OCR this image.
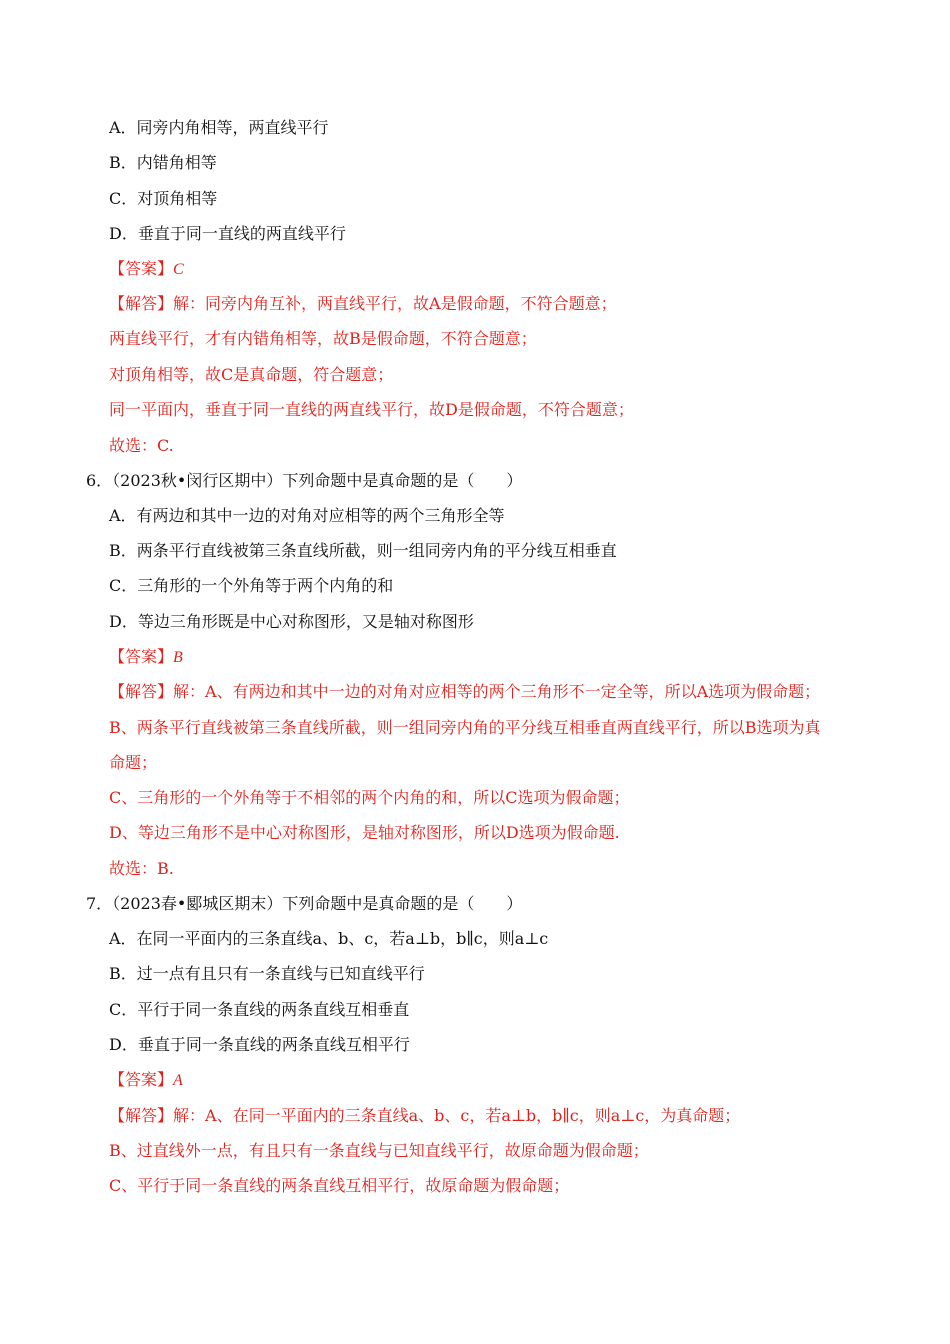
A．同旁内角相等，两直线平行
B．内错角相等
C．对顶角相等
D．垂直于同一直线的两直线平行
【答案】C
【解答】解：同旁内角互补，两直线平行，故A是假命题，不符合题意；
两直线平行，才有内错角相等，故B是假命题，不符合题意；
对顶角相等，故C是真命题，符合题意；
同一平面内，垂直于同一直线的两直线平行，故D是假命题，不符合题意；
故选：C.
6．（2023秋•闵行区期中）下列命题中是真命题的是（　　）
A．有两边和其中一边的对角对应相等的两个三角形全等
B．两条平行直线被第三条直线所截，则一组同旁内角的平分线互相垂直
C．三角形的一个外角等于两个内角的和
D．等边三角形既是中心对称图形，又是轴对称图形
【答案】B
【解答】解：A、有两边和其中一边的对角对应相等的两个三角形不一定全等，所以A选项为假命题；
B、两条平行直线被第三条直线所截，则一组同旁内角的平分线互相垂直两直线平行，所以B选项为真
命题；
C、三角形的一个外角等于不相邻的两个内角的和，所以C选项为假命题；
D、等边三角形不是中心对称图形，是轴对称图形，所以D选项为假命题.
故选：B.
7．（2023春•郾城区期末）下列命题中是真命题的是（　　）
A．在同一平面内的三条直线a、b、c，若a⊥b，b∥c，则a⊥c
B．过一点有且只有一条直线与已知直线平行
C．平行于同一条直线的两条直线互相垂直
D．垂直于同一条直线的两条直线互相平行
【答案】A
【解答】解：A、在同一平面内的三条直线a、b、c，若a⊥b，b∥c，则a⊥c，为真命题；
B、过直线外一点，有且只有一条直线与已知直线平行，故原命题为假命题；
C、平行于同一条直线的两条直线互相平行，故原命题为假命题；
